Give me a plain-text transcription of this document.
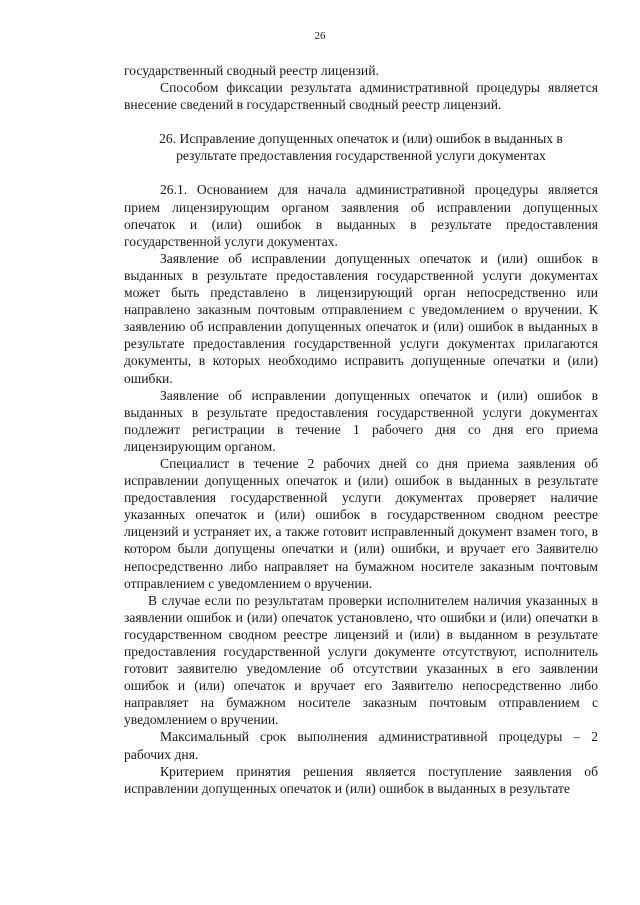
26

государственный сводный реестр лицензий.

Способом фиксации результата административной процедуры является внесение сведений в государственный сводный реестр лицензий.

26. Исправление допущенных опечаток и (или) ошибок в выданных в результате предоставления государственной услуги документах

26.1. Основанием для начала административной процедуры является прием лицензирующим органом заявления об исправлении допущенных опечаток и (или) ошибок в выданных в результате предоставления государственной услуги документах.

Заявление об исправлении допущенных опечаток и (или) ошибок в выданных в результате предоставления государственной услуги документах может быть представлено в лицензирующий орган непосредственно или направлено заказным почтовым отправлением с уведомлением о вручении. К заявлению об исправлении допущенных опечаток и (или) ошибок в выданных в результате предоставления государственной услуги документах прилагаются документы, в которых необходимо исправить допущенные опечатки и (или) ошибки.

Заявление об исправлении допущенных опечаток и (или) ошибок в выданных в результате предоставления государственной услуги документах подлежит регистрации в течение 1 рабочего дня со дня его приема лицензирующим органом.

Специалист в течение 2 рабочих дней со дня приема заявления об исправлении допущенных опечаток и (или) ошибок в выданных в результате предоставления государственной услуги документах проверяет наличие указанных опечаток и (или) ошибок в государственном сводном реестре лицензий и устраняет их, а также готовит исправленный документ взамен того, в котором были допущены опечатки и (или) ошибки, и вручает его Заявителю непосредственно либо направляет на бумажном носителе заказным почтовым отправлением с уведомлением о вручении.

В случае если по результатам проверки исполнителем наличия указанных в заявлении ошибок и (или) опечаток установлено, что ошибки и (или) опечатки в государственном сводном реестре лицензий и (или) в выданном в результате предоставления государственной услуги документе отсутствуют, исполнитель готовит заявителю уведомление об отсутствии указанных в его заявлении ошибок и (или) опечаток и вручает его Заявителю непосредственно либо направляет на бумажном носителе заказным почтовым отправлением с уведомлением о вручении.

Максимальный срок выполнения административной процедуры – 2 рабочих дня.

Критерием принятия решения является поступление заявления об исправлении допущенных опечаток и (или) ошибок в выданных в результате
